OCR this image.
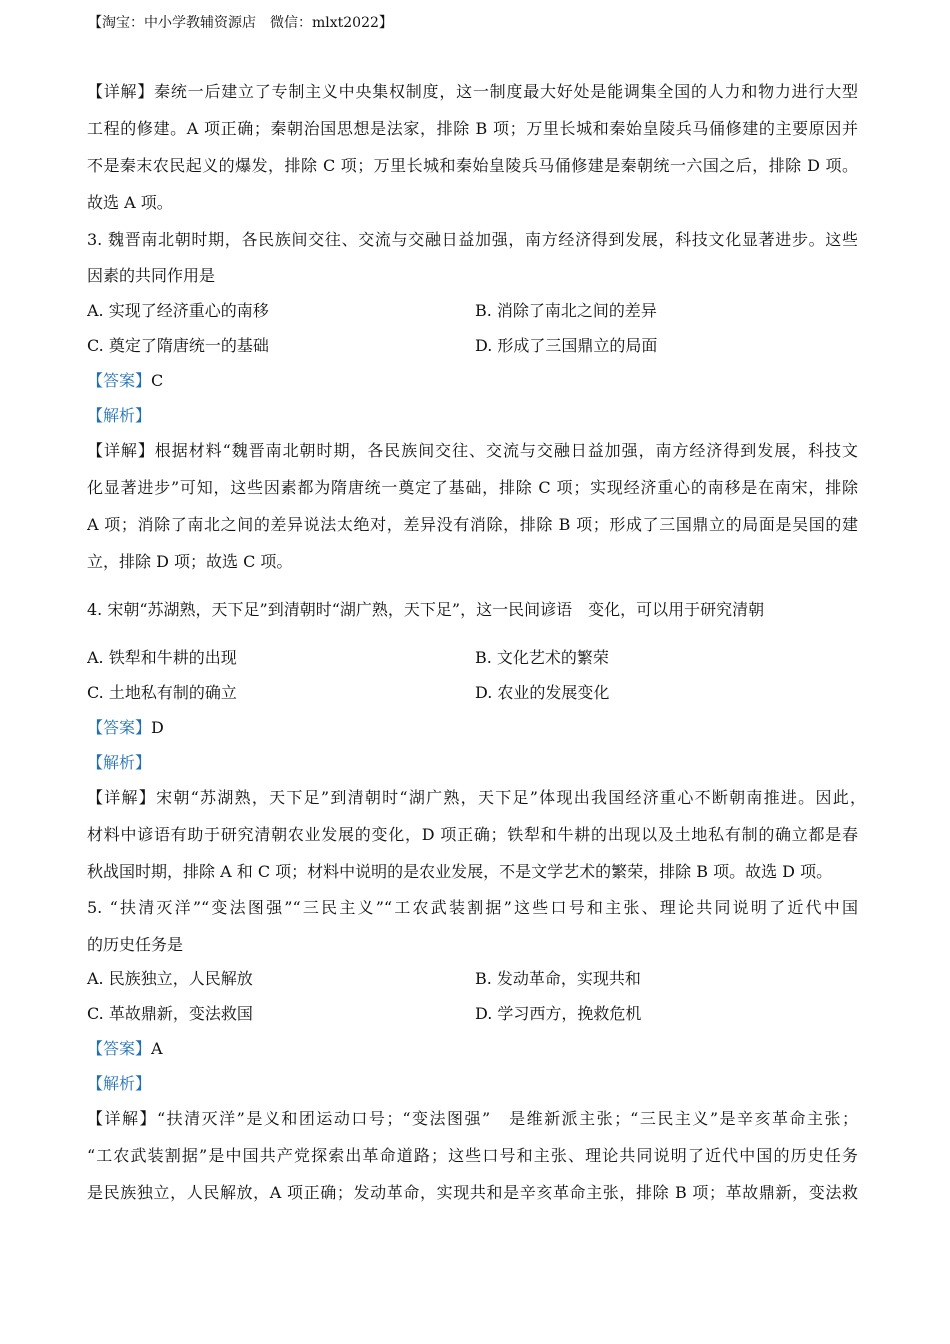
【淘宝：中小学教辅资源店　微信：mlxt2022】
【详解】秦统一后建立了专制主义中央集权制度，这一制度最大好处是能调集全国的人力和物力进行大型
工程的修建。A 项正确；秦朝治国思想是法家，排除 B 项；万里长城和秦始皇陵兵马俑修建的主要原因并
不是秦末农民起义的爆发，排除 C 项；万里长城和秦始皇陵兵马俑修建是秦朝统一六国之后，排除 D 项。
故选 A 项。
3. 魏晋南北朝时期，各民族间交往、交流与交融日益加强，南方经济得到发展，科技文化显著进步。这些
因素的共同作用是
A. 实现了经济重心的南移	B. 消除了南北之间的差异
C. 奠定了隋唐统一的基础	D. 形成了三国鼎立的局面
【答案】C
【解析】
【详解】根据材料“魏晋南北朝时期，各民族间交往、交流与交融日益加强，南方经济得到发展，科技文
化显著进步”可知，这些因素都为隋唐统一奠定了基础，排除 C 项；实现经济重心的南移是在南宋，排除
A 项；消除了南北之间的差异说法太绝对，差异没有消除，排除 B 项；形成了三国鼎立的局面是吴国的建
立，排除 D 项；故选 C 项。
4. 宋朝“苏湖熟，天下足”到清朝时“湖广熟，天下足”，这一民间谚语　变化，可以用于研究清朝
A. 铁犁和牛耕的出现	B. 文化艺术的繁荣
C. 土地私有制的确立	D. 农业的发展变化
【答案】D
【解析】
【详解】宋朝“苏湖熟，天下足”到清朝时“湖广熟，天下足”体现出我国经济重心不断朝南推进。因此，
材料中谚语有助于研究清朝农业发展的变化，D 项正确；铁犁和牛耕的出现以及土地私有制的确立都是春
秋战国时期，排除 A 和 C 项；材料中说明的是农业发展，不是文学艺术的繁荣，排除 B 项。故选 D 项。
5. “扶清灭洋”“变法图强”“三民主义”“工农武装割据”这些口号和主张、理论共同说明了近代中国
的历史任务是
A. 民族独立，人民解放	B. 发动革命，实现共和
C. 革故鼎新，变法救国	D. 学习西方，挽救危机
【答案】A
【解析】
【详解】“扶清灭洋”是义和团运动口号；“变法图强”　是维新派主张；“三民主义”是辛亥革命主张；
“工农武装割据”是中国共产党探索出革命道路；这些口号和主张、理论共同说明了近代中国的历史任务
是民族独立，人民解放，A 项正确；发动革命，实现共和是辛亥革命主张，排除 B 项；革故鼎新，变法救
